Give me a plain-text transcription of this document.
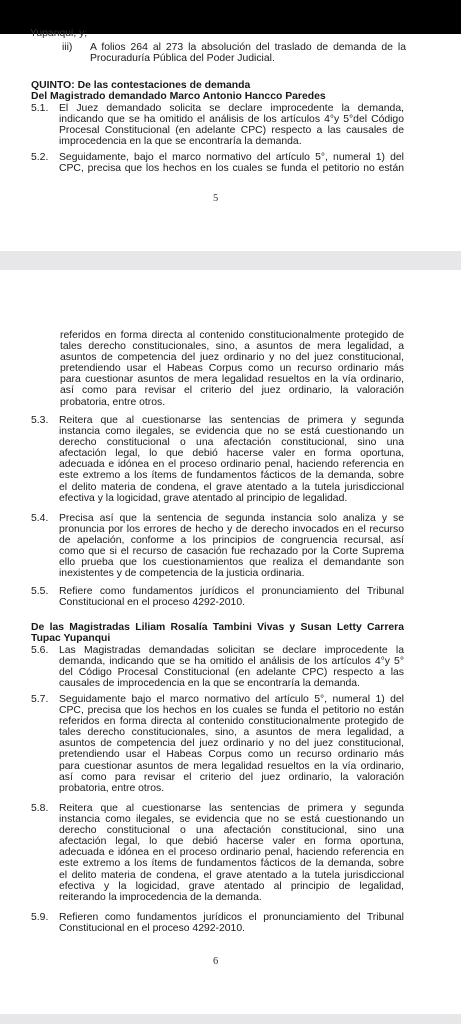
Yupanqui, y;
iii)	A folios 264 al 273 la absolución del traslado de demanda de la
Procuraduría Pública del Poder Judicial.
QUINTO: De las contestaciones de demanda
Del Magistrado demandado Marco Antonio Hancco Paredes
5.1.	El Juez demandado solicita se declare improcedente la demanda,
indicando que se ha omitido el análisis de los artículos 4°y 5°del Código
Procesal Constitucional (en adelante CPC) respecto a las causales de
improcedencia en la que se encontraría la demanda.
5.2.	Seguidamente, bajo el marco normativo del artículo 5°, numeral 1) del
CPC, precisa que los hechos en los cuales se funda el petitorio no están
5
referidos en forma directa al contenido constitucionalmente protegido de
tales derecho constitucionales, sino, a asuntos de mera legalidad, a
asuntos de competencia del juez ordinario y no del juez constitucional,
pretendiendo usar el Habeas Corpus como un recurso ordinario más
para cuestionar asuntos de mera legalidad resueltos en la vía ordinario,
así como para revisar el criterio del juez ordinario, la valoración
probatoria, entre otros.
5.3.	Reitera que al cuestionarse las sentencias de primera y segunda
instancia como ilegales, se evidencia que no se está cuestionando un
derecho constitucional o una afectación constitucional, sino una
afectación legal, lo que debió hacerse valer en forma oportuna,
adecuada e idónea en el proceso ordinario penal, haciendo referencia en
este extremo a los ítems de fundamentos fácticos de la demanda, sobre
el delito materia de condena, el grave atentado a la tutela jurisdiccional
efectiva y la logicidad, grave atentado al principio de legalidad.
5.4.	Precisa así que la sentencia de segunda instancia solo analiza y se
pronuncia por los errores de hecho y de derecho invocados en el recurso
de apelación, conforme a los principios de congruencia recursal, así
como que si el recurso de casación fue rechazado por la Corte Suprema
ello prueba que los cuestionamientos que realiza el demandante son
inexistentes y de competencia de la justicia ordinaria.
5.5.	Refiere como fundamentos jurídicos el pronunciamiento del Tribunal
Constitucional en el proceso 4292-2010.
De las Magistradas Liliam Rosalía Tambini Vivas y Susan Letty Carrera
Tupac Yupanqui
5.6.	Las Magistradas demandadas solicitan se declare improcedente la
demanda, indicando que se ha omitido el análisis de los artículos 4°y 5°
del Código Procesal Constitucional (en adelante CPC) respecto a las
causales de improcedencia en la que se encontraría la demanda.
5.7.	Seguidamente bajo el marco normativo del artículo 5°, numeral 1) del
CPC, precisa que los hechos en los cuales se funda el petitorio no están
referidos en forma directa al contenido constitucionalmente protegido de
tales derecho constitucionales, sino, a asuntos de mera legalidad, a
asuntos de competencia del juez ordinario y no del juez constitucional,
pretendiendo usar el Habeas Corpus como un recurso ordinario más
para cuestionar asuntos de mera legalidad resueltos en la vía ordinario,
así como para revisar el criterio del juez ordinario, la valoración
probatoria, entre otros.
5.8.	Reitera que al cuestionarse las sentencias de primera y segunda
instancia como ilegales, se evidencia que no se está cuestionando un
derecho constitucional o una afectación constitucional, sino una
afectación legal, lo que debió hacerse valer en forma oportuna,
adecuada e idónea en el proceso ordinario penal, haciendo referencia en
este extremo a los ítems de fundamentos fácticos de la demanda, sobre
el delito materia de condena, el grave atentado a la tutela jurisdiccional
efectiva y la logicidad, grave atentado al principio de legalidad,
reiterando la improcedencia de la demanda.
5.9.	Refieren como fundamentos jurídicos el pronunciamiento del Tribunal
Constitucional en el proceso 4292-2010.
6
